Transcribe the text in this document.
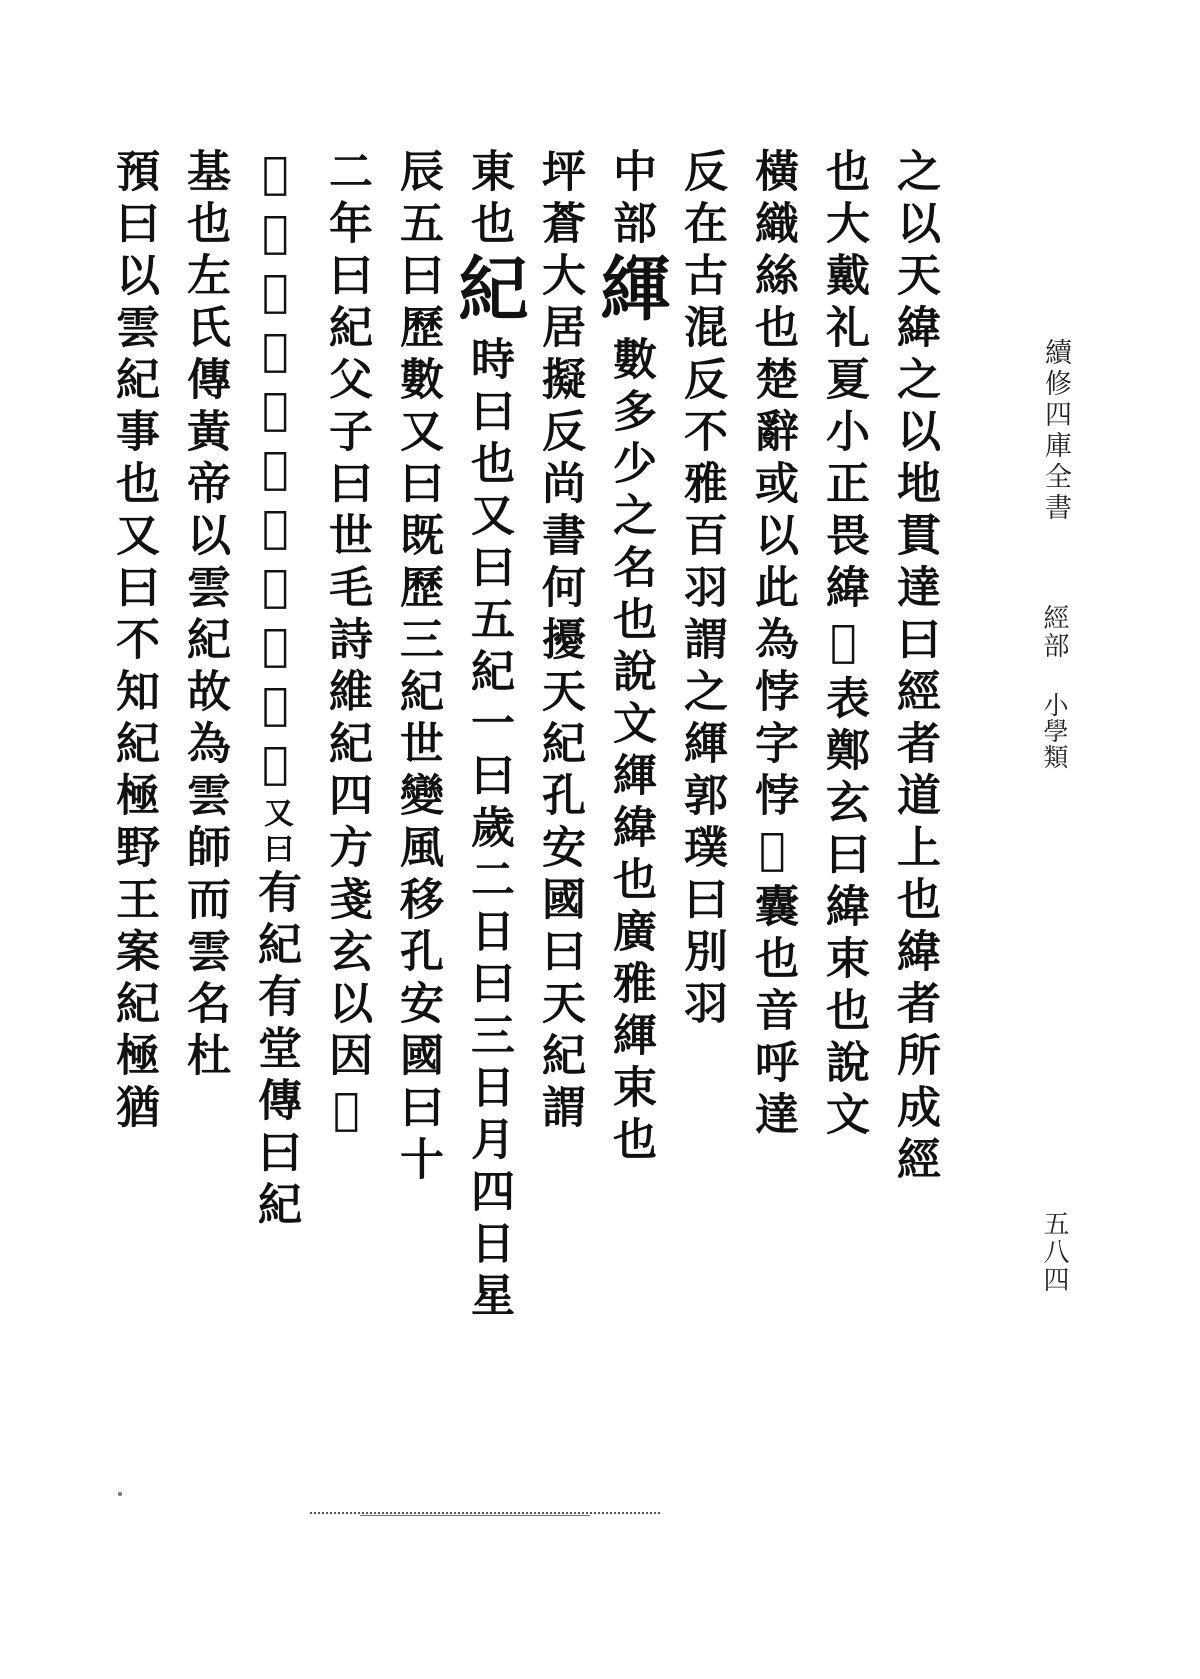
續修四庫全書
經部
小學類
五八四
之以天緯之以地貫達曰經者道上也緯者所成經
也大戴礼夏小正畏緯𦊰表鄭玄曰緯束也說文
橫織絲也楚辭或以此為悖字悖𦊰囊也音呼達
反在古混反不雅百羽謂之緷郭璞曰別羽
中部緷數多少之名也說文緷緯也廣雅緷束也
坪蒼大居擬反尚書何擾天紀孔安國曰天紀謂
東也紀時曰也又曰五紀一曰歲二日曰三日月四日星
辰五曰歷數又曰既歷三紀世變風移孔安國曰十
二年曰紀父子曰世毛詩維紀四方戔玄以因𦊰
𡘜為政張之謂維理之為紀又曰有紀有堂傳曰紀
基也左氏傳黃帝以雲紀故為雲師而雲名杜
預曰以雲紀事也又曰不知紀極野王案紀極猶
